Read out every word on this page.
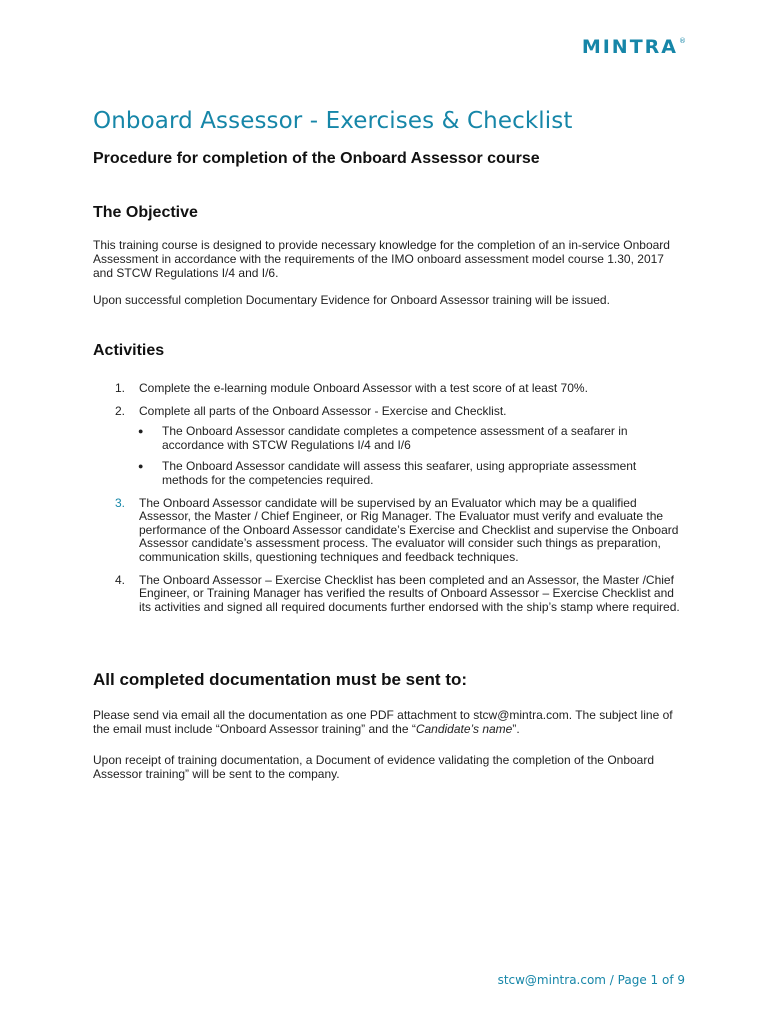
MINTRA®
Onboard Assessor - Exercises & Checklist
Procedure for completion of the Onboard Assessor course
The Objective

This training course is designed to provide necessary knowledge for the completion of an in-service Onboard Assessment in accordance with the requirements of the IMO onboard assessment model course 1.30, 2017 and STCW Regulations I/4 and I/6.

Upon successful completion Documentary Evidence for Onboard Assessor training will be issued.

Activities
1. Complete the e-learning module Onboard Assessor with a test score of at least 70%.
2. Complete all parts of the Onboard Assessor - Exercise and Checklist.
● The Onboard Assessor candidate completes a competence assessment of a seafarer in accordance with STCW Regulations I/4 and I/6
● The Onboard Assessor candidate will assess this seafarer, using appropriate assessment methods for the competencies required.
3. The Onboard Assessor candidate will be supervised by an Evaluator which may be a qualified Assessor, the Master / Chief Engineer, or Rig Manager. The Evaluator must verify and evaluate the performance of the Onboard Assessor candidate’s Exercise and Checklist and supervise the Onboard Assessor candidate’s assessment process. The evaluator will consider such things as preparation, communication skills, questioning techniques and feedback techniques.
4. The Onboard Assessor – Exercise Checklist has been completed and an Assessor, the Master /Chief Engineer, or Training Manager has verified the results of Onboard Assessor – Exercise Checklist and its activities and signed all required documents further endorsed with the ship’s stamp where required.
All completed documentation must be sent to:

Please send via email all the documentation as one PDF attachment to stcw@mintra.com. The subject line of the email must include “Onboard Assessor training” and the “Candidate’s name”.

Upon receipt of training documentation, a Document of evidence validating the completion of the Onboard Assessor training” will be sent to the company.

stcw@mintra.com / Page 1 of 9
